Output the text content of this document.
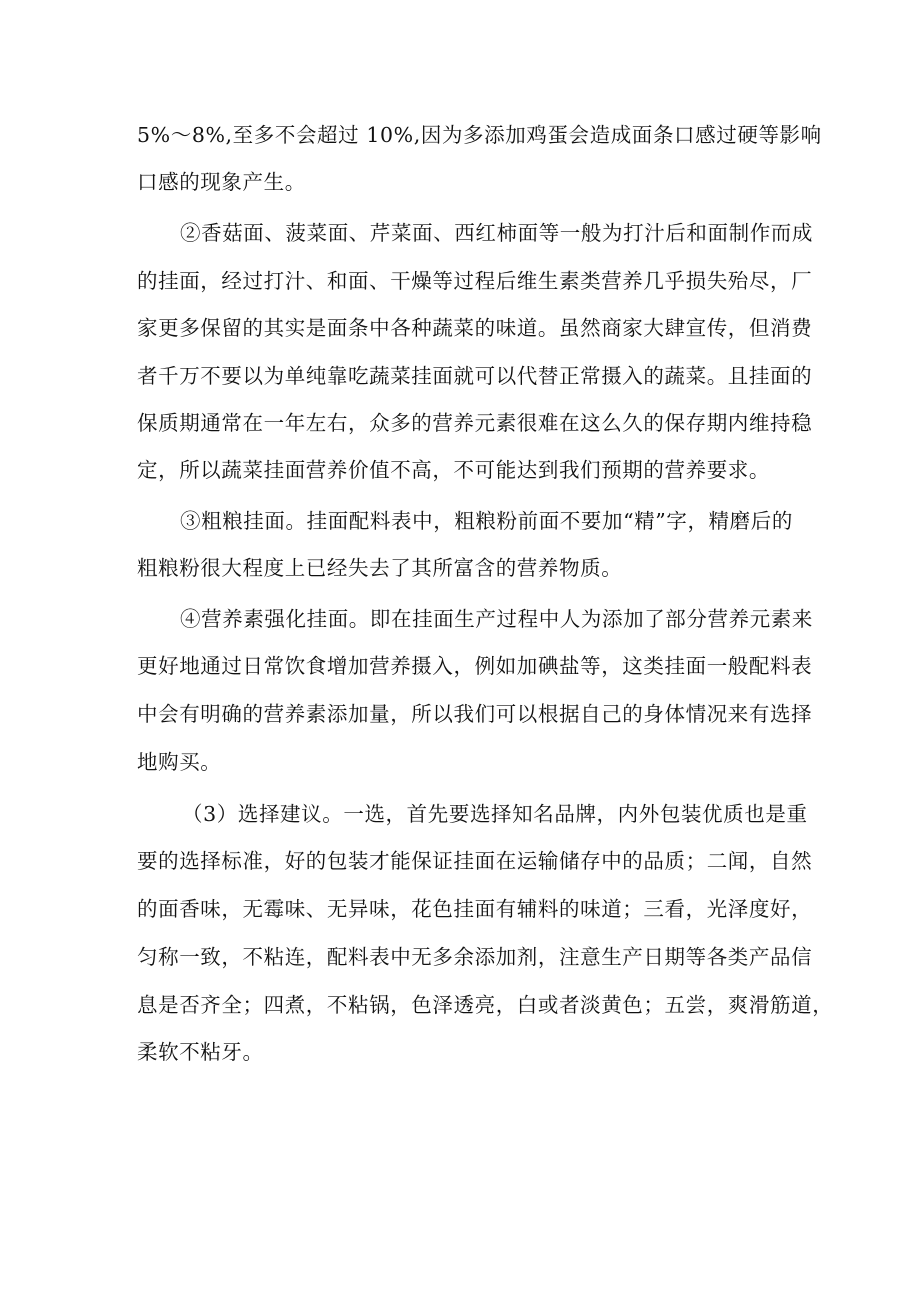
5%～8%,至多不会超过 10%,因为多添加鸡蛋会造成面条口感过硬等影响
口感的现象产生。
②香菇面、菠菜面、芹菜面、西红柿面等一般为打汁后和面制作而成
的挂面，经过打汁、和面、干燥等过程后维生素类营养几乎损失殆尽，厂
家更多保留的其实是面条中各种蔬菜的味道。虽然商家大肆宣传，但消费
者千万不要以为单纯靠吃蔬菜挂面就可以代替正常摄入的蔬菜。且挂面的
保质期通常在一年左右，众多的营养元素很难在这么久的保存期内维持稳
定，所以蔬菜挂面营养价值不高，不可能达到我们预期的营养要求。
③粗粮挂面。挂面配料表中，粗粮粉前面不要加“精”字，精磨后的
粗粮粉很大程度上已经失去了其所富含的营养物质。
④营养素强化挂面。即在挂面生产过程中人为添加了部分营养元素来
更好地通过日常饮食增加营养摄入，例如加碘盐等，这类挂面一般配料表
中会有明确的营养素添加量，所以我们可以根据自己的身体情况来有选择
地购买。
（3）选择建议。一选，首先要选择知名品牌，内外包装优质也是重
要的选择标准，好的包装才能保证挂面在运输储存中的品质；二闻，自然
的面香味，无霉味、无异味，花色挂面有辅料的味道；三看，光泽度好，
匀称一致，不粘连，配料表中无多余添加剂，注意生产日期等各类产品信
息是否齐全；四煮，不粘锅，色泽透亮，白或者淡黄色；五尝，爽滑筋道，
柔软不粘牙。
